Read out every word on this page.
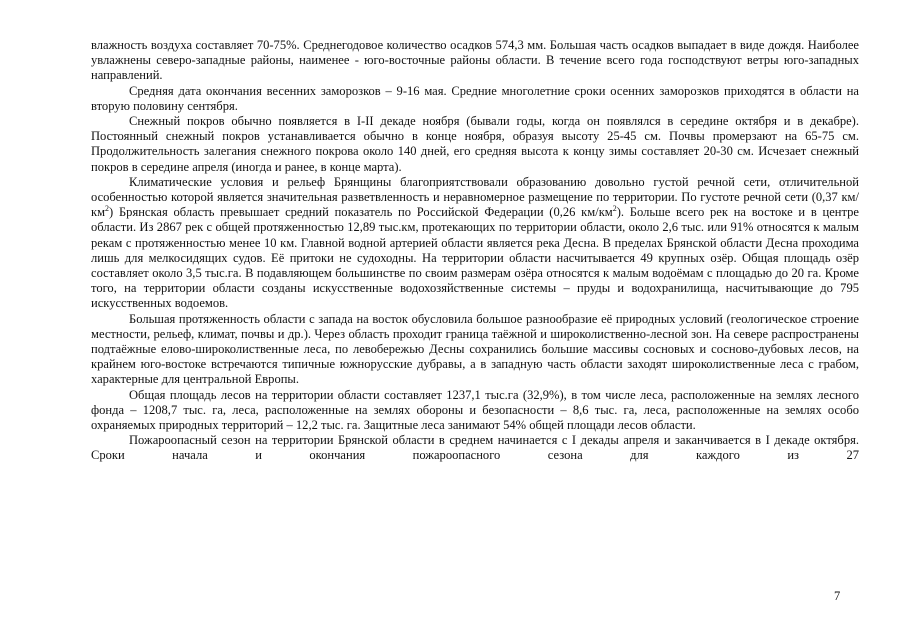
влажность воздуха составляет 70-75%. Среднегодовое количество осадков 574,3 мм. Большая часть осадков выпадает в виде дождя. Наиболее увлажнены северо-западные районы, наименее - юго-восточные районы области. В течение всего года господствуют ветры юго-западных направлений.

Средняя дата окончания весенних заморозков – 9-16 мая. Средние многолетние сроки осенних заморозков приходятся в области на вторую половину сентября.

Снежный покров обычно появляется в I-II декаде ноября (бывали годы, когда он появлялся в середине октября и в декабре). Постоянный снежный покров устанавливается обычно в конце ноября, образуя высоту 25-45 см. Почвы промерзают на 65-75 см. Продолжительность залегания снежного покрова около 140 дней, его средняя высота к концу зимы составляет 20-30 см. Исчезает снежный покров в середине апреля (иногда и ранее, в конце марта).

Климатические условия и рельеф Брянщины благоприятствовали образованию довольно густой речной сети, отличительной особенностью которой является значительная разветвленность и неравномерное размещение по территории. По густоте речной сети (0,37 $км/км^2$) Брянская область превышает средний показатель по Российской Федерации (0,26 $км/км^2$). Больше всего рек на востоке и в центре области. Из 2867 рек с общей протяженностью 12,89 тыс.км, протекающих по территории области, около 2,6 тыс. или 91% относятся к малым рекам с протяженностью менее 10 км. Главной водной артерией области является река Десна. В пределах Брянской области Десна проходима лишь для мелкосидящих судов. Её притоки не судоходны. На территории области насчитывается 49 крупных озёр. Общая площадь озёр составляет около 3,5 тыс.га. В подавляющем большинстве по своим размерам озёра относятся к малым водоёмам с площадью до 20 га. Кроме того, на территории области созданы искусственные водохозяйственные системы – пруды и водохранилища, насчитывающие до 795 искусственных водоемов.

Большая протяженность области с запада на восток обусловила большое разнообразие её природных условий (геологическое строение местности, рельеф, климат, почвы и др.). Через область проходит граница таёжной и широколиственно-лесной зон. На севере распространены подтаёжные елово-широколиственные леса, по левобережью Десны сохранились большие массивы сосновых и сосново-дубовых лесов, на крайнем юго-востоке встречаются типичные южнорусские дубравы, а в западную часть области заходят широколиственные леса с грабом, характерные для центральной Европы.

Общая площадь лесов на территории области составляет 1237,1 тыс.га (32,9%), в том числе леса, расположенные на землях лесного фонда – 1208,7 тыс. га, леса, расположенные на землях обороны и безопасности – 8,6 тыс. га, леса, расположенные на землях особо охраняемых природных территорий – 12,2 тыс. га. Защитные леса занимают 54% общей площади лесов области.

Пожароопасный сезон на территории Брянской области в среднем начинается с I декады апреля и заканчивается в I декаде октября. Сроки начала и окончания пожароопасного сезона для каждого из 27

7
